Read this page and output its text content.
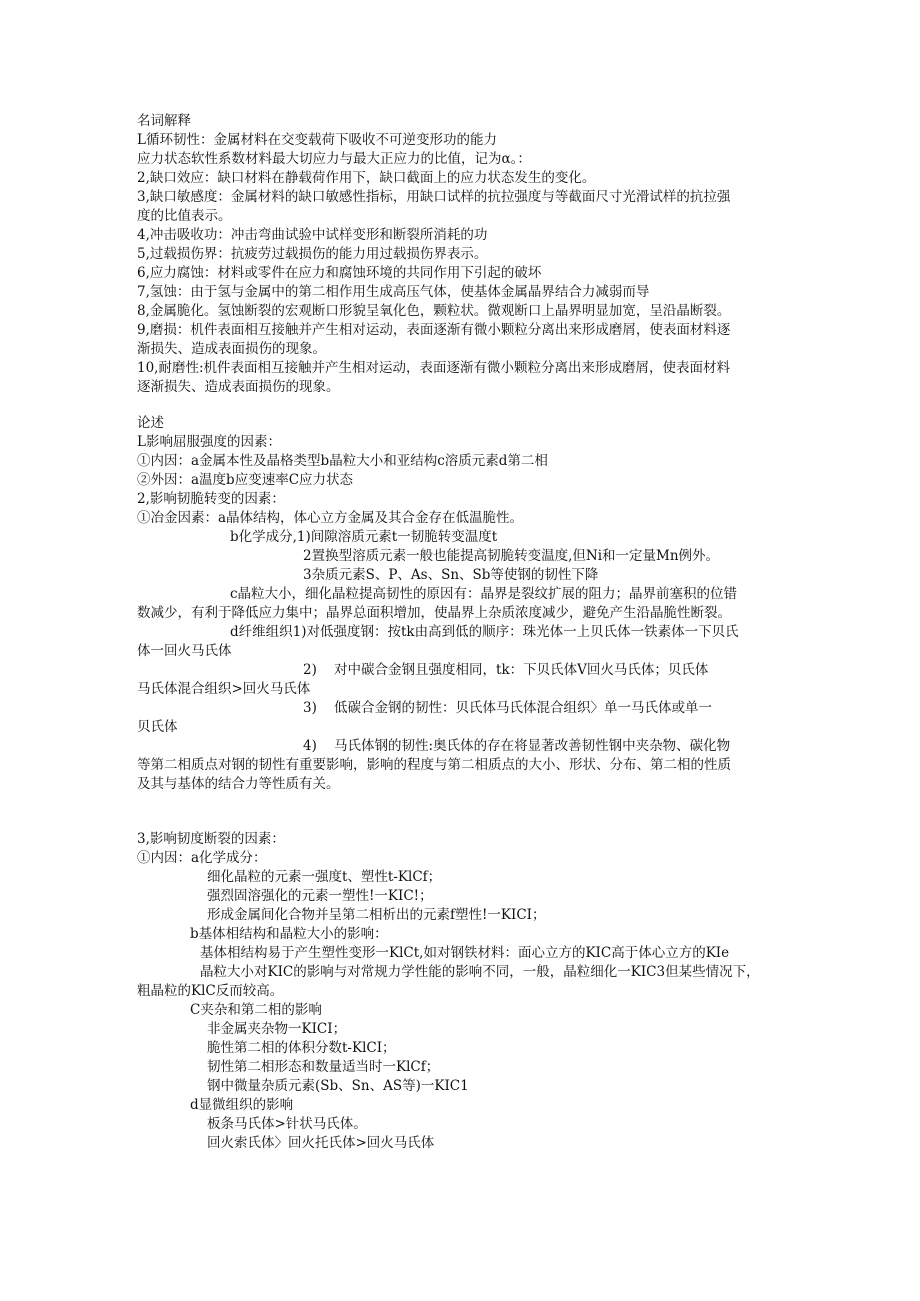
名词解释
L循环韧性：金属材料在交变载荷下吸收不可逆变形功的能力
应力状态软性系数材料最大切应力与最大正应力的比值，记为α。：
2,缺口效应：缺口材料在静载荷作用下，缺口截面上的应力状态发生的变化。
3,缺口敏感度：金属材料的缺口敏感性指标，用缺口试样的抗拉强度与等截面尺寸光滑试样的抗拉强
度的比值表示。
4,冲击吸收功：冲击弯曲试验中试样变形和断裂所消耗的功
5,过载损伤界：抗疲劳过载损伤的能力用过载损伤界表示。
6,应力腐蚀：材料或零件在应力和腐蚀环境的共同作用下引起的破坏
7,氢蚀：由于氢与金属中的第二相作用生成高压气体，使基体金属晶界结合力减弱而导
8,金属脆化。氢蚀断裂的宏观断口形貌呈氧化色，颗粒状。微观断口上晶界明显加宽，呈沿晶断裂。
9,磨损：机件表面相互接触并产生相对运动，表面逐渐有微小颗粒分离出来形成磨屑，使表面材料逐
渐损失、造成表面损伤的现象。
10,耐磨性:机件表面相互接触并产生相对运动，表面逐渐有微小颗粒分离出来形成磨屑，使表面材料
逐渐损失、造成表面损伤的现象。
论述
L影响屈服强度的因素：
①内因：a金属本性及晶格类型b晶粒大小和亚结构c溶质元素d第二相
②外因：a温度b应变速率C应力状态
2,影响韧脆转变的因素：
①冶金因素：a晶体结构，体心立方金属及其合金存在低温脆性。
b化学成分,1)间隙溶质元素t一韧脆转变温度t
2置换型溶质元素一般也能提高韧脆转变温度,但Ni和一定量Mn例外。
3杂质元素S、P、As、Sn、Sb等使钢的韧性下降
c晶粒大小，细化晶粒提高韧性的原因有：晶界是裂纹扩展的阻力；晶界前塞积的位错
数减少，有利于降低应力集中；晶界总面积增加，使晶界上杂质浓度减少，避免产生沿晶脆性断裂。
d纤维组织1)对低强度钢：按tk由高到低的顺序：珠光体一上贝氏体一铁素体一下贝氏
体一回火马氏体
2)    对中碳合金钢且强度相同，tk：下贝氏体V回火马氏体；贝氏体
马氏体混合组织>回火马氏体
3)    低碳合金钢的韧性：贝氏体马氏体混合组织〉单一马氏体或单一
贝氏体
4)    马氏体钢的韧性:奥氏体的存在将显著改善韧性钢中夹杂物、碳化物
等第二相质点对钢的韧性有重要影响，影响的程度与第二相质点的大小、形状、分布、第二相的性质
及其与基体的结合力等性质有关。
3,影响韧度断裂的因素：
①内因：a化学成分：
细化晶粒的元素一强度t、塑性t-KlCf；
强烈固溶强化的元素一塑性!一KIC!；
形成金属间化合物并呈第二相析出的元素f塑性!一KICI；
b基体相结构和晶粒大小的影响：
基体相结构易于产生塑性变形一KlCt,如对钢铁材料：面心立方的KIC高于体心立方的KIe
晶粒大小对KIC的影响与对常规力学性能的影响不同，一般，晶粒细化一KIC3但某些情况下，
粗晶粒的KlC反而较高。
C夹杂和第二相的影响
非金属夹杂物一KICI；
脆性第二相的体积分数t-KlCI；
韧性第二相形态和数量适当时一KlCf；
钢中微量杂质元素(Sb、Sn、AS等)一KIC1
d显微组织的影响
板条马氏体>针状马氏体。
回火索氏体〉回火托氏体>回火马氏体
